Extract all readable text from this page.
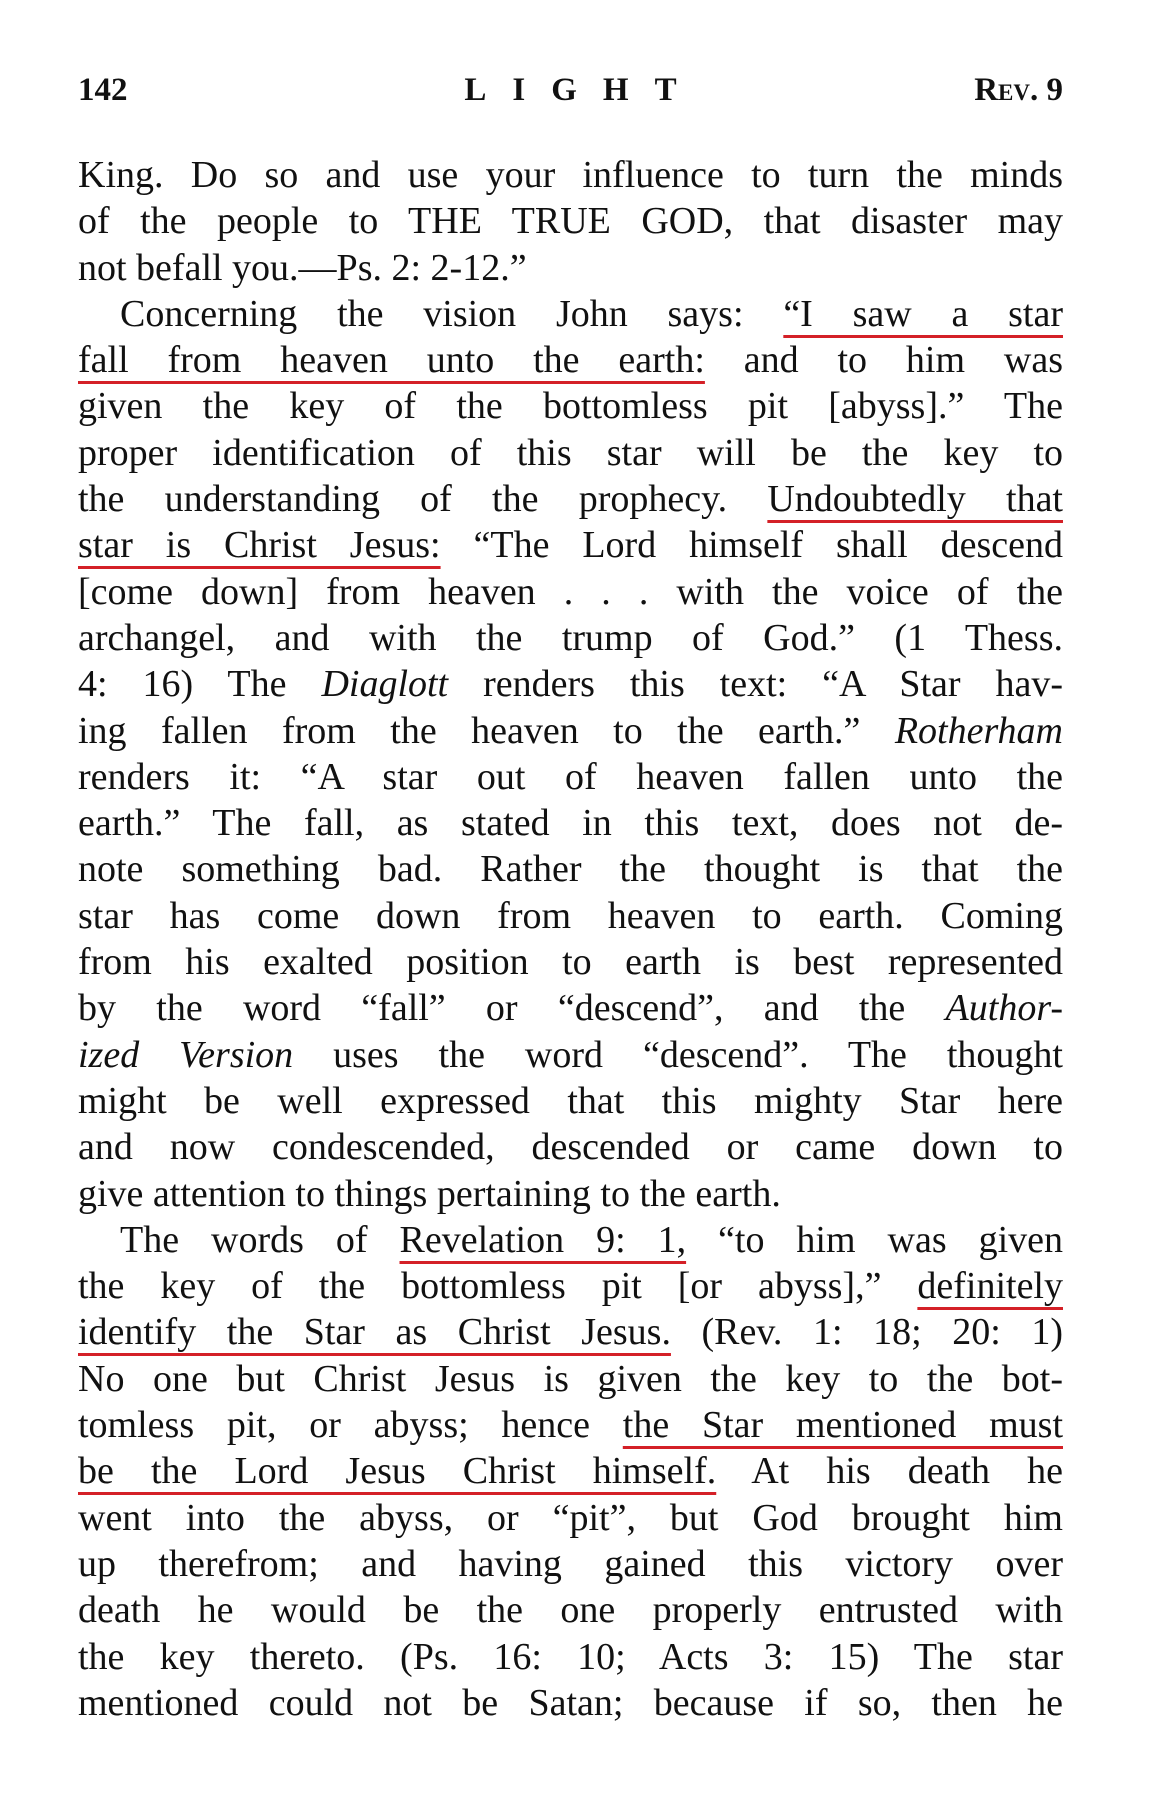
142	LIGHT	Rev. 9
King. Do so and use your influence to turn the minds
of the people to THE TRUE GOD, that disaster may
not befall you.—Ps. 2: 2-12.”
Concerning the vision John says: “I saw a star
fall from heaven unto the earth: and to him was
given the key of the bottomless pit [abyss].” The
proper identification of this star will be the key to
the understanding of the prophecy. Undoubtedly that
star is Christ Jesus: “The Lord himself shall descend
[come down] from heaven . . . with the voice of the
archangel, and with the trump of God.” (1 Thess.
4: 16) The Diaglott renders this text: “A Star hav-
ing fallen from the heaven to the earth.” Rotherham
renders it: “A star out of heaven fallen unto the
earth.” The fall, as stated in this text, does not de-
note something bad. Rather the thought is that the
star has come down from heaven to earth. Coming
from his exalted position to earth is best represented
by the word “fall” or “descend”, and the Author-
ized Version uses the word “descend”. The thought
might be well expressed that this mighty Star here
and now condescended, descended or came down to
give attention to things pertaining to the earth.
The words of Revelation 9: 1, “to him was given
the key of the bottomless pit [or abyss],” definitely
identify the Star as Christ Jesus. (Rev. 1: 18; 20: 1)
No one but Christ Jesus is given the key to the bot-
tomless pit, or abyss; hence the Star mentioned must
be the Lord Jesus Christ himself. At his death he
went into the abyss, or “pit”, but God brought him
up therefrom; and having gained this victory over
death he would be the one properly entrusted with
the key thereto. (Ps. 16: 10; Acts 3: 15) The star
mentioned could not be Satan; because if so, then he
